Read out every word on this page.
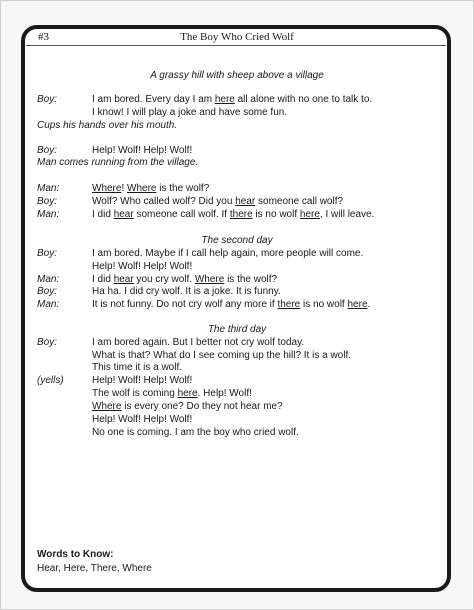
#3	The Boy Who Cried Wolf
A grassy hill with sheep above a village
Boy:	I am bored. Every day I am here all alone with no one to talk to.
I know! I will play a joke and have some fun.
Cups his hands over his mouth.
Boy:	Help! Wolf! Help! Wolf!
Man comes running from the village.
Man:	Where! Where is the wolf?
Boy:	Wolf? Who called wolf? Did you hear someone call wolf?
Man:	I did hear someone call wolf. If there is no wolf here, I will leave.
The second day
Boy:	I am bored. Maybe if I call help again, more people will come.
Help! Wolf! Help! Wolf!
Man:	I did hear you cry wolf. Where is the wolf?
Boy:	Ha ha. I did cry wolf. It is a joke. It is funny.
Man:	It is not funny. Do not cry wolf any more if there is no wolf here.
The third day
Boy:	I am bored again. But I better not cry wolf today.
What is that? What do I see coming up the hill? It is a wolf.
This time it is a wolf.
(yells)	Help! Wolf! Help! Wolf!
The wolf is coming here. Help! Wolf!
Where is every one? Do they not hear me?
Help! Wolf! Help! Wolf!
No one is coming. I am the boy who cried wolf.
Words to Know:
Hear, Here, There, Where
